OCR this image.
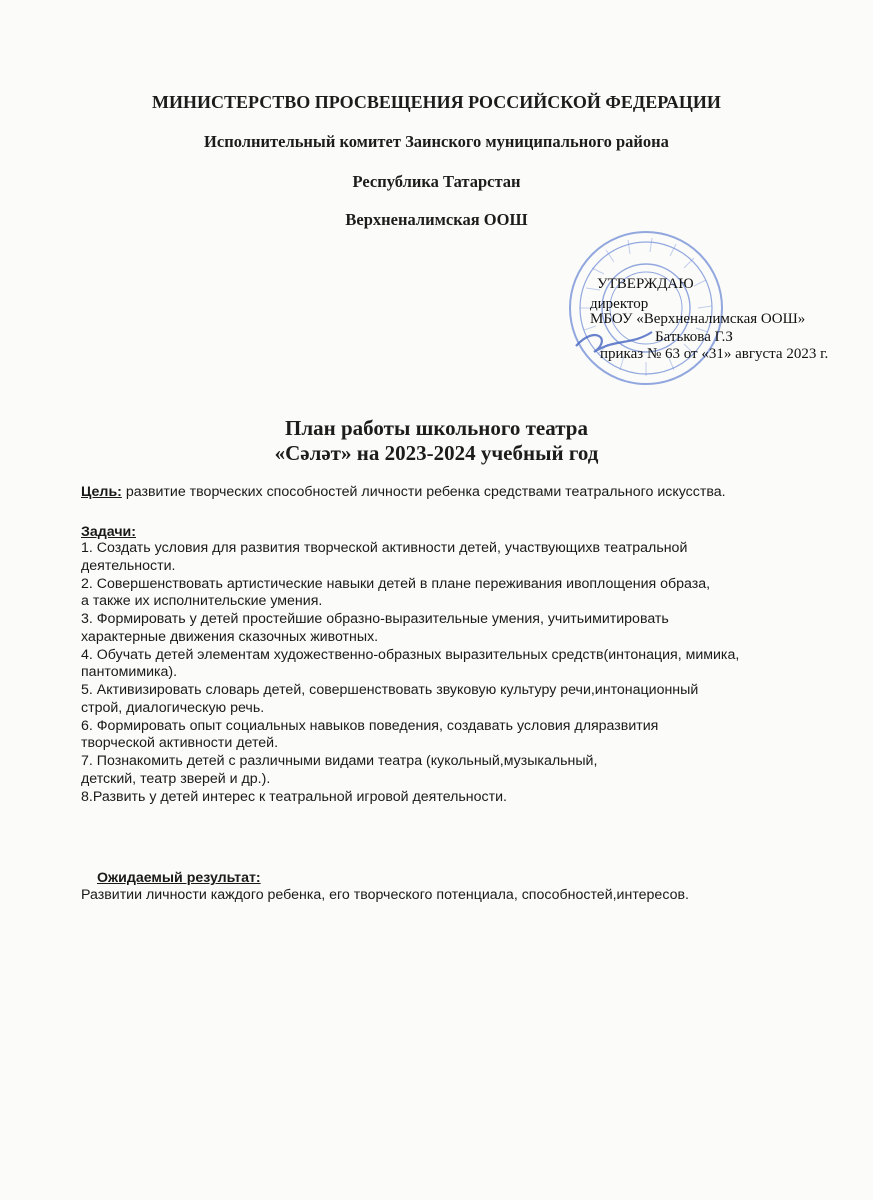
МИНИСТЕРСТВО ПРОСВЕЩЕНИЯ РОССИЙСКОЙ ФЕДЕРАЦИИ
Исполнительный комитет Заинского муниципального района
Республика Татарстан
Верхненалимская ООШ
УТВЕРЖДАЮ
директор
МБОУ «Верхненалимская ООШ»
Батькова Г.З
приказ № 63 от «31» августа 2023 г.
План работы школьного театра
«Сәләт» на 2023-2024 учебный год
Цель: развитие творческих способностей личности ребенка средствами театрального искусства.
Задачи:
1. Создать условия для развития творческой активности детей, участвующихв театральной
деятельности.
2. Совершенствовать артистические навыки детей в плане переживания ивоплощения образа,
а также их исполнительские умения.
3. Формировать у детей простейшие образно-выразительные умения, учитьимитировать
характерные движения сказочных животных.
4. Обучать детей элементам художественно-образных выразительных средств(интонация, мимика,
пантомимика).
5. Активизировать словарь детей, совершенствовать звуковую культуру речи,интонационный
строй, диалогическую речь.
6. Формировать опыт социальных навыков поведения, создавать условия дляразвития
творческой активности детей.
7. Познакомить детей с различными видами театра (кукольный,музыкальный,
детский, театр зверей и др.).
8.Развить у детей интерес к театральной игровой деятельности.
Ожидаемый результат:
Развитии личности каждого ребенка, его творческого потенциала, способностей,интересов.
